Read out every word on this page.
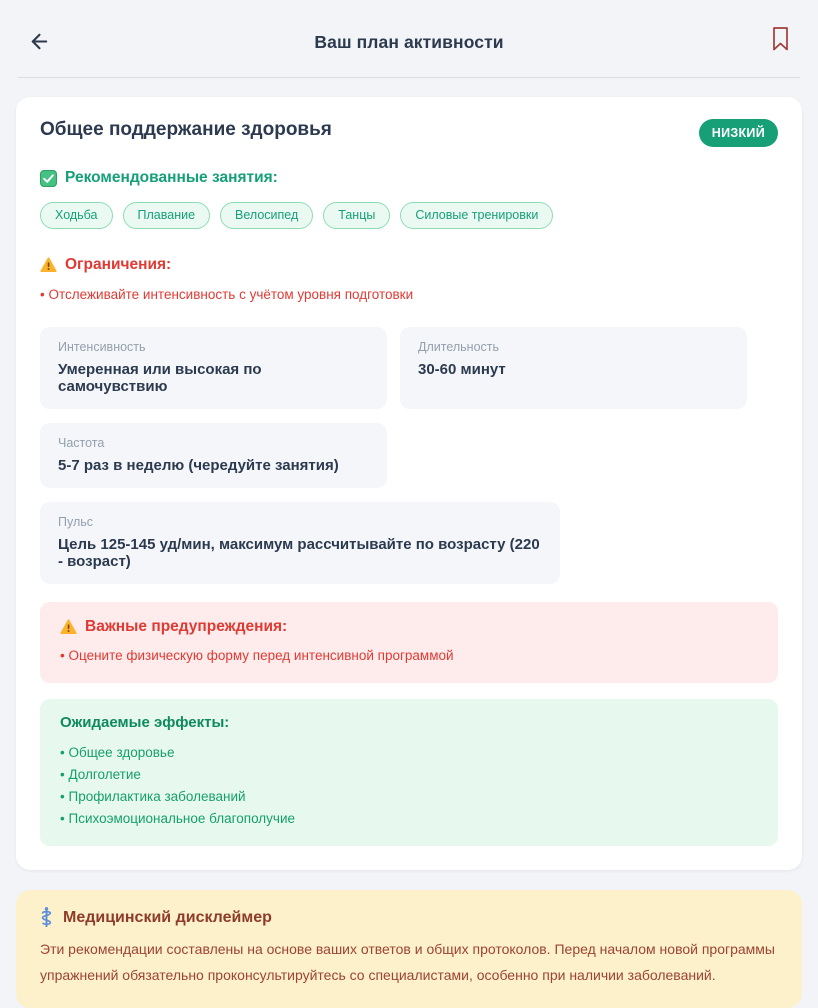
Ваш план активности
Общее поддержание здоровья	НИЗКИЙ
Рекомендованные занятия:
Ходьба	Плавание	Велосипед	Танцы	Силовые тренировки
Ограничения:
• Отслеживайте интенсивность с учётом уровня подготовки
Интенсивность
Умеренная или высокая по самочувствию
Длительность
30-60 минут
Частота
5-7 раз в неделю (чередуйте занятия)
Пульс
Цель 125-145 уд/мин, максимум рассчитывайте по возрасту (220 - возраст)
Важные предупреждения:
• Оцените физическую форму перед интенсивной программой
Ожидаемые эффекты:
• Общее здоровье
• Долголетие
• Профилактика заболеваний
• Психоэмоциональное благополучие
Медицинский дисклеймер

Эти рекомендации составлены на основе ваших ответов и общих протоколов. Перед началом новой программы упражнений обязательно проконсультируйтесь со специалистами, особенно при наличии заболеваний.
